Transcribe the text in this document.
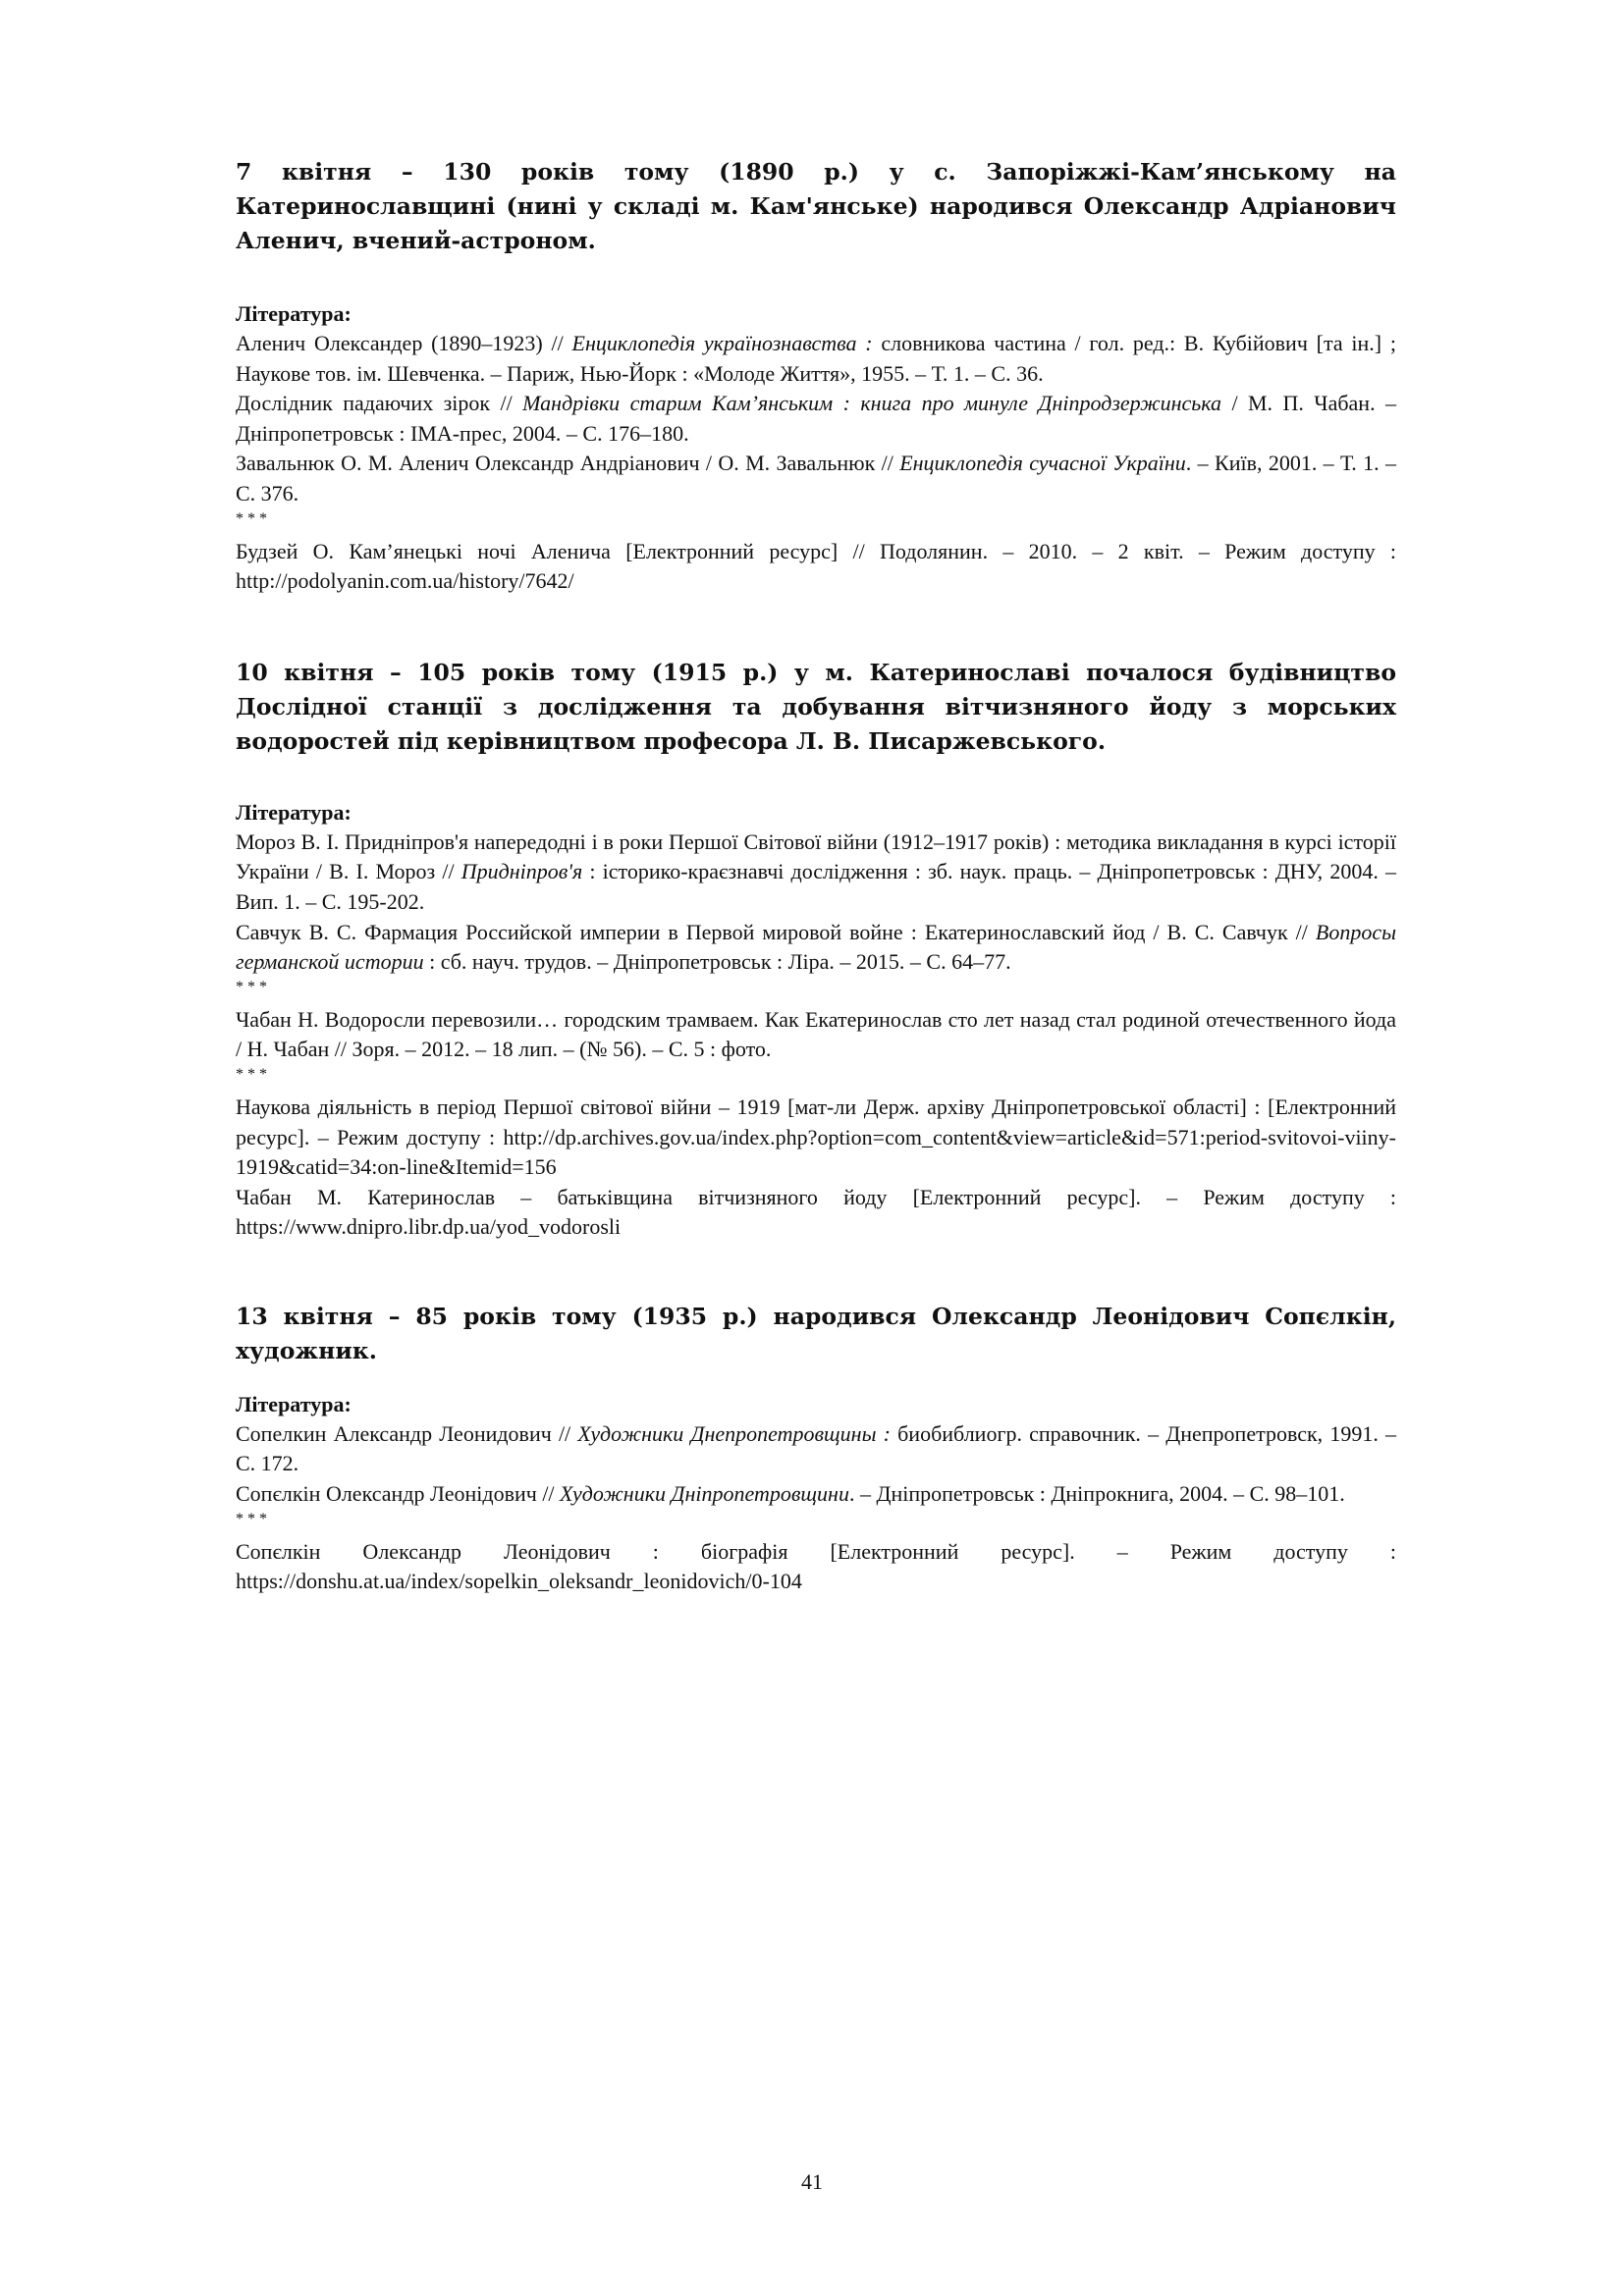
7 квітня – 130 років тому (1890 р.) у с. Запоріжжі-Кам’янському на Катеринославщині (нині у складі м. Кам'янське) народився Олександр Адріанович Аленич, вчений-астроном.

Література:

Аленич Олександер (1890–1923) // Енциклопедія українознавства : словникова частина / гол. ред.: В. Кубійович [та ін.] ; Наукове тов. ім. Шевченка. – Париж, Нью-Йорк : «Молоде Життя», 1955. – Т. 1. – С. 36.

Дослідник падаючих зірок // Мандрівки старим Кам’янським : книга про минуле Дніпродзержинська / М. П. Чабан. – Дніпропетровськ : ІМА-прес, 2004. – С. 176–180.

Завальнюк О. М. Аленич Олександр Андріанович / О. М. Завальнюк // Енциклопедія сучасної України. – Київ, 2001. – Т. 1. – С. 376.

* * *

Будзей О. Кам’янецькі ночі Аленича [Електронний ресурс] // Подолянин. – 2010. – 2 квіт. – Режим доступу : http://podolyanin.com.ua/history/7642/

10 квітня – 105 років тому (1915 р.) у м. Катеринославі почалося будівництво Дослідної станції з дослідження та добування вітчизняного йоду з морських водоростей під керівництвом професора Л. В. Писаржевського.

Література:

Мороз В. І. Придніпров'я напередодні і в роки Першої Світової війни (1912–1917 років) : методика викладання в курсі історії України / В. І. Мороз // Придніпров'я : історико-краєзнавчі дослідження : зб. наук. праць. – Дніпропетровськ : ДНУ, 2004. – Вип. 1. – С. 195-202.

Савчук В. С. Фармация Российской империи в Первой мировой войне : Екатеринославский йод / В. С. Савчук // Вопросы германской истории : сб. науч. трудов. – Дніпропетровськ : Ліра. – 2015. – С. 64–77.

* * *

Чабан Н. Водоросли перевозили… городским трамваем. Как Екатеринослав сто лет назад стал родиной отечественного йода / Н. Чабан // Зоря. – 2012. – 18 лип. – (№ 56). – С. 5 : фото.

* * *

Наукова діяльність в період Першої світової війни – 1919 [мат-ли Держ. архіву Дніпропетровської області] : [Електронний ресурс]. – Режим доступу : http://dp.archives.gov.ua/index.php?option=com_content&view=article&id=571:period-svitovoi-viiny-1919&catid=34:on-line&Itemid=156

Чабан М. Катеринослав – батьківщина вітчизняного йоду [Електронний ресурс]. – Режим доступу : https://www.dnipro.libr.dp.ua/yod_vodorosli

13 квітня – 85 років тому (1935 р.) народився Олександр Леонідович Сопєлкін, художник.

Література:

Сопелкин Александр Леонидович // Художники Днепропетровщины : биобиблиогр. справочник. – Днепропетровск, 1991. – С. 172.

Сопєлкін Олександр Леонідович // Художники Дніпропетровщини. – Дніпропетровськ : Дніпрокнига, 2004. – С. 98–101.

* * *

Сопєлкін Олександр Леонідович : біографія [Електронний ресурс]. – Режим доступу : https://donshu.at.ua/index/sopelkin_oleksandr_leonidovich/0-104

41
